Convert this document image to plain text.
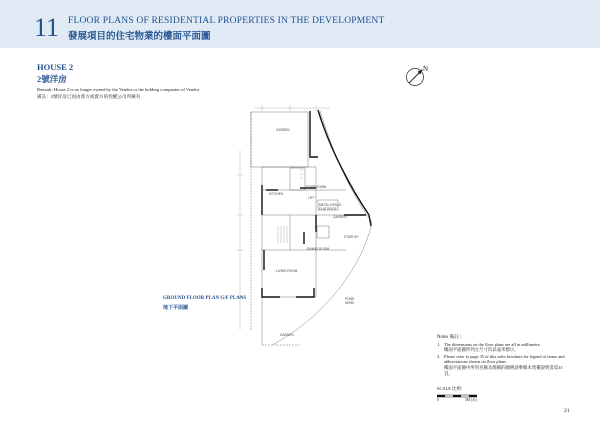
11 FLOOR PLANS OF RESIDENTIAL PROPERTIES IN THE DEVELOPMENT
發展項目的住宅物業的樓面平面圖
HOUSE 2
2號洋房
Remark: House 2 is no longer owned by the Vendor or the holding companies of Vendor
備註：2號洋房已再由賣方或賣方的控權公司所擁有
N
GARDEN
KITCHEN
STAIR DOWN
LIFT
METAL GRILLE
FLAT ROOF
GARDEN
STAIR UP
DINING ROOM
LIVING ROOM
POND
KERB
GARDEN
GROUND FLOOR PLAN G/F PLANS
地下平面圖
Notes 備註：
1. The dimensions on the floor plans are all in millimetre.
樓面平面圖所列之尺寸均以毫米標示。
2. Please refer to page 35 of this sales brochure for legend of terms and abbreviations shown on floor plans.
樓面平面圖中所用名稱及簡稱的圖例請參閱本售樓說明書第35頁。
SCALE 比例：
0	5M (米)
21
